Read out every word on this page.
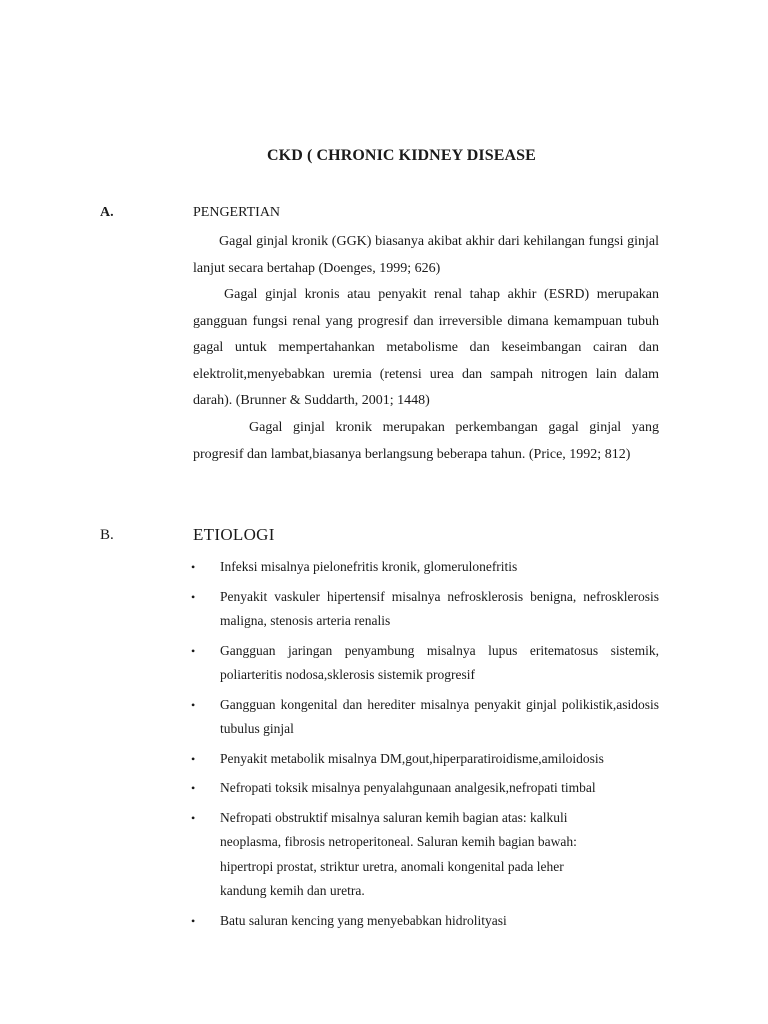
CKD ( CHRONIC KIDNEY DISEASE
A.	PENGERTIAN

Gagal ginjal kronik (GGK) biasanya akibat akhir dari kehilangan fungsi ginjal lanjut secara bertahap (Doenges, 1999; 626)

Gagal ginjal kronis atau penyakit renal tahap akhir (ESRD) merupakan gangguan fungsi renal yang progresif dan irreversible dimana kemampuan tubuh gagal untuk mempertahankan metabolisme dan keseimbangan cairan dan elektrolit,menyebabkan uremia (retensi urea dan sampah nitrogen lain dalam darah). (Brunner & Suddarth, 2001; 1448)

Gagal ginjal kronik merupakan perkembangan gagal ginjal yang progresif dan lambat,biasanya berlangsung beberapa tahun. (Price, 1992; 812)

B.	ETIOLOGI
• Infeksi misalnya pielonefritis kronik, glomerulonefritis
• Penyakit vaskuler hipertensif misalnya nefrosklerosis benigna, nefrosklerosis maligna, stenosis arteria renalis
• Gangguan jaringan penyambung misalnya lupus eritematosus sistemik, poliarteritis nodosa,sklerosis sistemik progresif
• Gangguan kongenital dan herediter misalnya penyakit ginjal polikistik,asidosis tubulus ginjal
• Penyakit metabolik misalnya DM,gout,hiperparatiroidisme,amiloidosis
• Nefropati toksik misalnya penyalahgunaan analgesik,nefropati timbal
• Nefropati obstruktif misalnya saluran kemih bagian atas: kalkuli neoplasma, fibrosis netroperitoneal. Saluran kemih bagian bawah: hipertropi prostat, striktur uretra, anomali kongenital pada leher kandung kemih dan uretra.
• Batu saluran kencing yang menyebabkan hidrolityasi
